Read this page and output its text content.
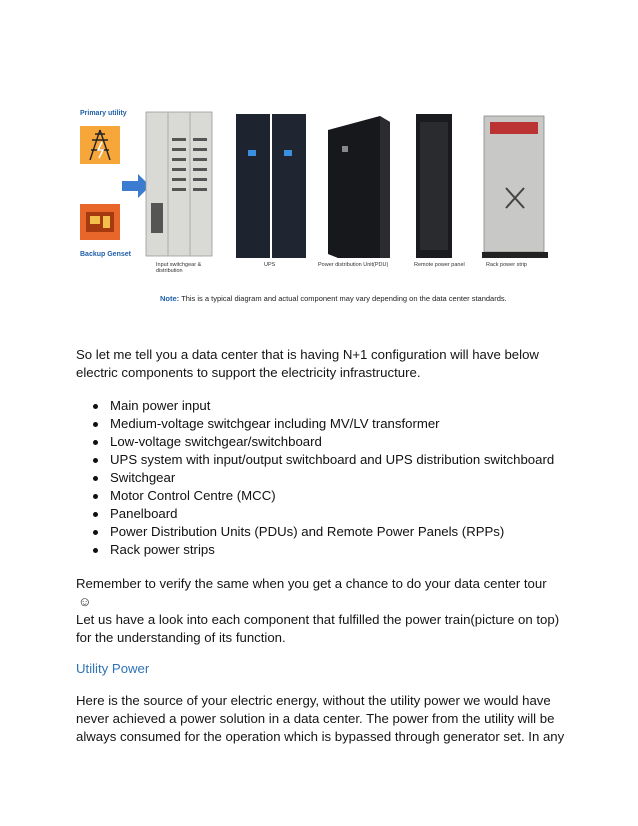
Primary utility
Backup Genset
Input switchgear & distribution
UPS	Power distribution Unit(PDU)	Remote power panel	Rack power strip
Note: This is a typical diagram and actual component may vary depending on the data center standards.

So let me tell you a data center that is having N+1 configuration will have below electric components to support the electricity infrastructure.

Main power input
Medium-voltage switchgear including MV/LV transformer
Low-voltage switchgear/switchboard
UPS system with input/output switchboard and UPS distribution switchboard
Switchgear
Motor Control Centre (MCC)
Panelboard
Power Distribution Units (PDUs) and Remote Power Panels (RPPs)
Rack power strips

Remember to verify the same when you get a chance to do your data center tour

☺

Let us have a look into each component that fulfilled the power train(picture on top) for the understanding of its function.

Utility Power

Here is the source of your electric energy, without the utility power we would have never achieved a power solution in a data center. The power from the utility will be always consumed for the operation which is bypassed through generator set. In any
